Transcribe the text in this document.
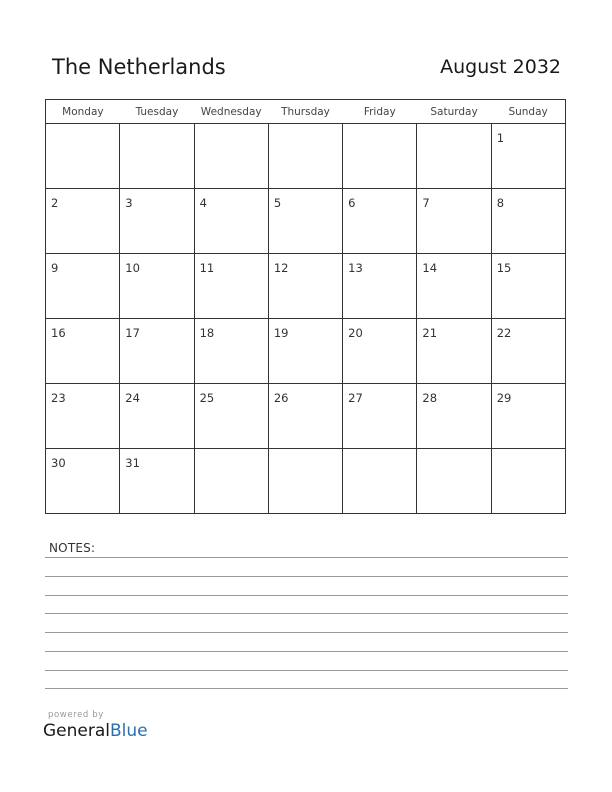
The Netherlands	August 2032
Monday	Tuesday	Wednesday	Thursday	Friday	Saturday	Sunday

						1

2	3	4	5	6	7	8

9	10	11	12	13	14	15

16	17	18	19	20	21	22

23	24	25	26	27	28	29

30	31					

NOTES:
powered by
GeneralBlue
